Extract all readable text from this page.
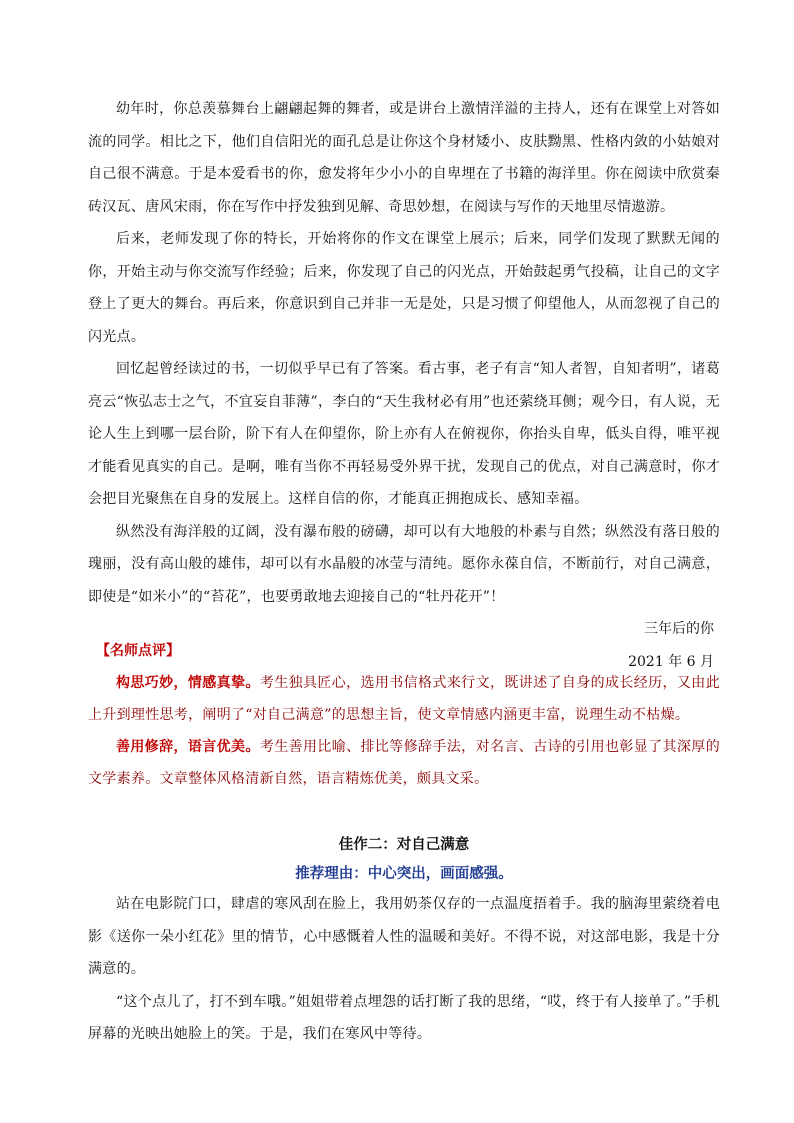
幼年时，你总羡慕舞台上翩翩起舞的舞者，或是讲台上激情洋溢的主持人，还有在课堂上对答如流的同学。相比之下，他们自信阳光的面孔总是让你这个身材矮小、皮肤黝黑、性格内敛的小姑娘对自己很不满意。于是本爱看书的你，愈发将年少小小的自卑埋在了书籍的海洋里。你在阅读中欣赏秦砖汉瓦、唐风宋雨，你在写作中抒发独到见解、奇思妙想，在阅读与写作的天地里尽情遨游。

后来，老师发现了你的特长，开始将你的作文在课堂上展示；后来，同学们发现了默默无闻的你，开始主动与你交流写作经验；后来，你发现了自己的闪光点，开始鼓起勇气投稿，让自己的文字登上了更大的舞台。再后来，你意识到自己并非一无是处，只是习惯了仰望他人，从而忽视了自己的闪光点。

回忆起曾经读过的书，一切似乎早已有了答案。看古事，老子有言“知人者智，自知者明”，诸葛亮云“恢弘志士之气，不宜妄自菲薄”，李白的“天生我材必有用”也还萦绕耳侧；观今日，有人说，无论人生上到哪一层台阶，阶下有人在仰望你，阶上亦有人在俯视你，你抬头自卑，低头自得，唯平视才能看见真实的自己。是啊，唯有当你不再轻易受外界干扰，发现自己的优点，对自己满意时，你才会把目光聚焦在自身的发展上。这样自信的你，才能真正拥抱成长、感知幸福。

纵然没有海洋般的辽阔，没有瀑布般的磅礴，却可以有大地般的朴素与自然；纵然没有落日般的瑰丽，没有高山般的雄伟，却可以有水晶般的冰莹与清纯。愿你永葆自信，不断前行，对自己满意，即使是“如米小”的“苔花”，也要勇敢地去迎接自己的“牡丹花开”！

三年后的你

2021 年 6 月

【名师点评】

构思巧妙，情感真挚。考生独具匠心，选用书信格式来行文，既讲述了自身的成长经历，又由此上升到理性思考，阐明了“对自己满意”的思想主旨，使文章情感内涵更丰富，说理生动不枯燥。

善用修辞，语言优美。考生善用比喻、排比等修辞手法，对名言、古诗的引用也彰显了其深厚的文学素养。文章整体风格清新自然，语言精炼优美，颇具文采。

佳作二：对自己满意

推荐理由：中心突出，画面感强。

站在电影院门口，肆虐的寒风刮在脸上，我用奶茶仅存的一点温度捂着手。我的脑海里萦绕着电影《送你一朵小红花》里的情节，心中感慨着人性的温暖和美好。不得不说，对这部电影，我是十分满意的。

“这个点儿了，打不到车哦。”姐姐带着点埋怨的话打断了我的思绪，“哎，终于有人接单了。”手机屏幕的光映出她脸上的笑。于是，我们在寒风中等待。
